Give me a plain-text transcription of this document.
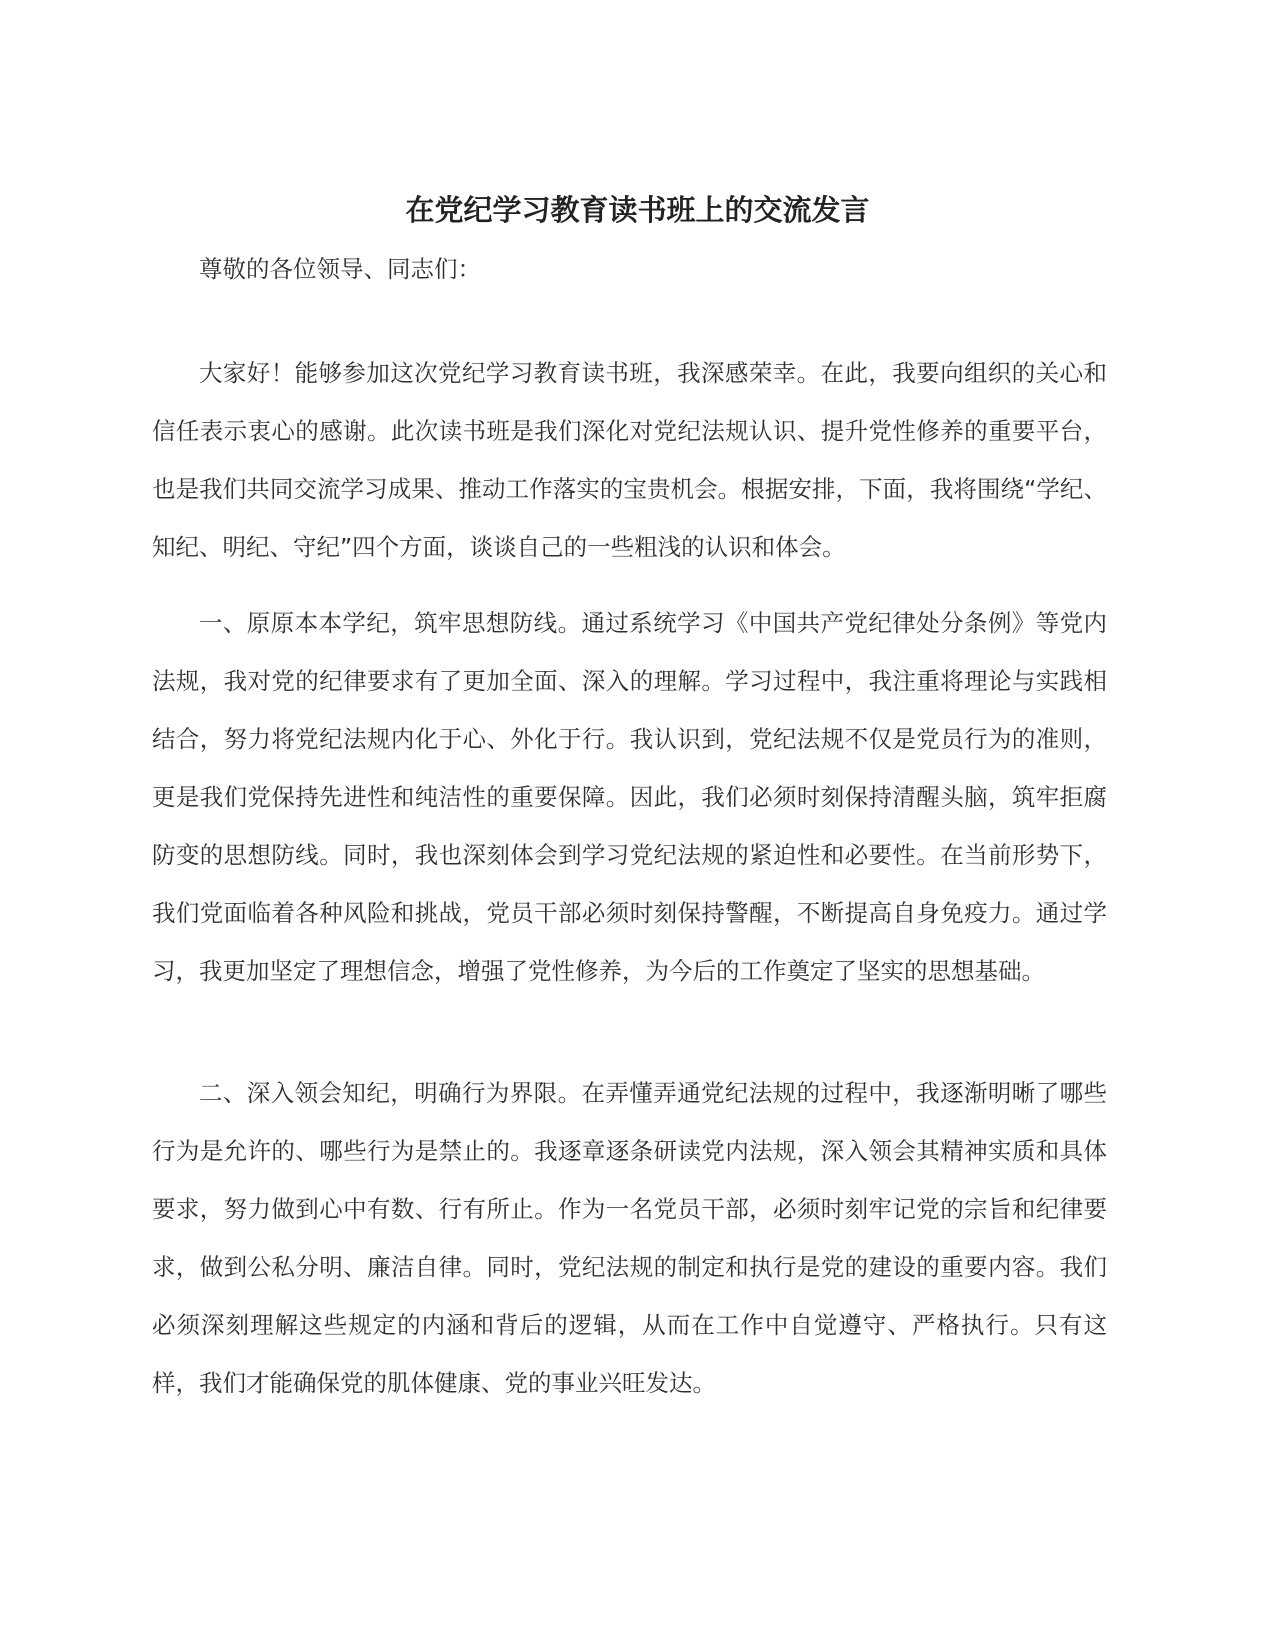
在党纪学习教育读书班上的交流发言

尊敬的各位领导、同志们：

大家好！能够参加这次党纪学习教育读书班，我深感荣幸。在此，我要向组织的关心和信任表示衷心的感谢。此次读书班是我们深化对党纪法规认识、提升党性修养的重要平台，也是我们共同交流学习成果、推动工作落实的宝贵机会。根据安排，下面，我将围绕“学纪、知纪、明纪、守纪”四个方面，谈谈自己的一些粗浅的认识和体会。

一、原原本本学纪，筑牢思想防线。通过系统学习《中国共产党纪律处分条例》等党内法规，我对党的纪律要求有了更加全面、深入的理解。学习过程中，我注重将理论与实践相结合，努力将党纪法规内化于心、外化于行。我认识到，党纪法规不仅是党员行为的准则，更是我们党保持先进性和纯洁性的重要保障。因此，我们必须时刻保持清醒头脑，筑牢拒腐防变的思想防线。同时，我也深刻体会到学习党纪法规的紧迫性和必要性。在当前形势下，我们党面临着各种风险和挑战，党员干部必须时刻保持警醒，不断提高自身免疫力。通过学习，我更加坚定了理想信念，增强了党性修养，为今后的工作奠定了坚实的思想基础。

二、深入领会知纪，明确行为界限。在弄懂弄通党纪法规的过程中，我逐渐明晰了哪些行为是允许的、哪些行为是禁止的。我逐章逐条研读党内法规，深入领会其精神实质和具体要求，努力做到心中有数、行有所止。作为一名党员干部，必须时刻牢记党的宗旨和纪律要求，做到公私分明、廉洁自律。同时，党纪法规的制定和执行是党的建设的重要内容。我们必须深刻理解这些规定的内涵和背后的逻辑，从而在工作中自觉遵守、严格执行。只有这样，我们才能确保党的肌体健康、党的事业兴旺发达。
